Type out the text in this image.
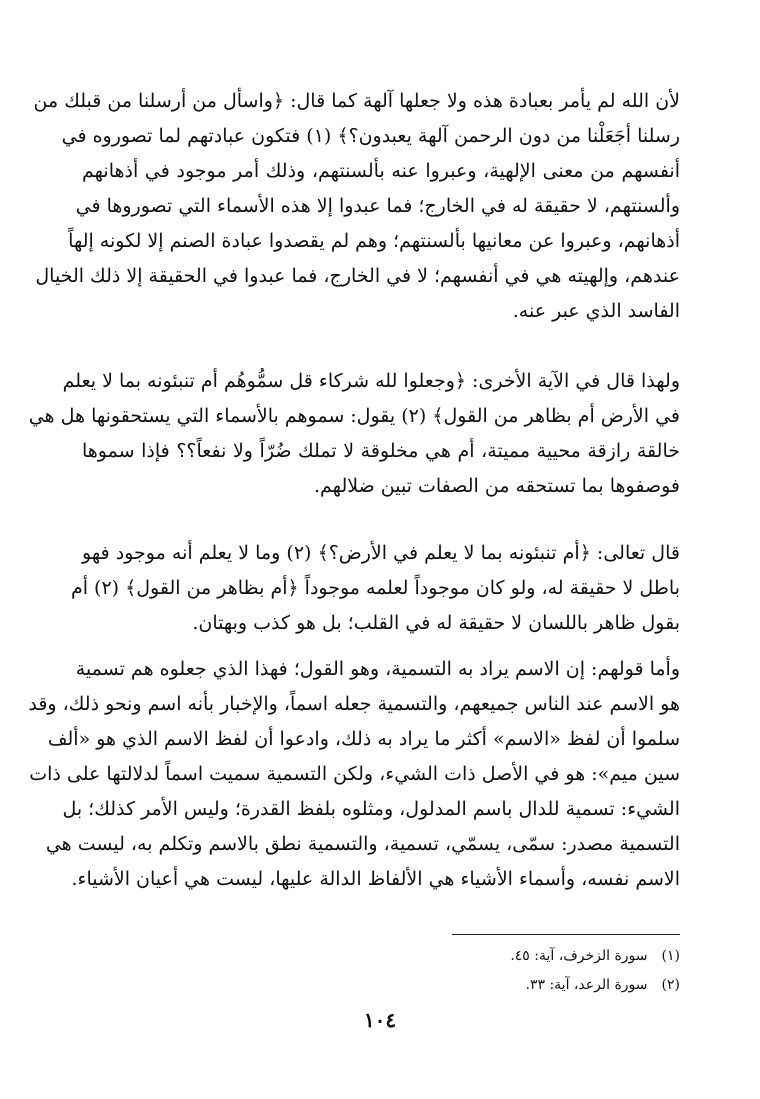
لأن الله لم يأمر بعبادة هذه ولا جعلها آلهة كما قال: ﴿واسأل من أرسلنا من قبلك من
رسلنا أجَعَلْنا من دون الرحمن آلهة يعبدون؟﴾ (١) فتكون عبادتهم لما تصوروه في
أنفسهم من معنى الإلهية، وعبروا عنه بألسنتهم، وذلك أمر موجود في أذهانهم
وألسنتهم، لا حقيقة له في الخارج؛ فما عبدوا إلا هذه الأسماء التي تصوروها في
أذهانهم، وعبروا عن معانيها بألسنتهم؛ وهم لم يقصدوا عبادة الصنم إلا لكونه إلهاً
عندهم، وإلهيته هي في أنفسهم؛ لا في الخارج، فما عبدوا في الحقيقة إلا ذلك الخيال
الفاسد الذي عبر عنه.
ولهذا قال في الآية الأخرى: ﴿وجعلوا لله شركاء قل سمُّوهُم أم تنبئونه بما لا يعلم
في الأرض أم بظاهر من القول﴾ (٢) يقول: سموهم بالأسماء التي يستحقونها هل هي
خالقة رازقة محيية مميتة، أم هي مخلوقة لا تملك ضُرّاً ولا نفعاً؟؟ فإذا سموها
فوصفوها بما تستحقه من الصفات تبين ضلالهم.
قال تعالى: ﴿أم تنبئونه بما لا يعلم في الأرض؟﴾ (٢) وما لا يعلم أنه موجود فهو
باطل لا حقيقة له، ولو كان موجوداً لعلمه موجوداً ﴿أم بظاهر من القول﴾ (٢) أم
بقول ظاهر باللسان لا حقيقة له في القلب؛ بل هو كذب وبهتان.
وأما قولهم: إن الاسم يراد به التسمية، وهو القول؛ فهذا الذي جعلوه هم تسمية
هو الاسم عند الناس جميعهم، والتسمية جعله اسماً، والإخبار بأنه اسم ونحو ذلك، وقد
سلموا أن لفظ «الاسم» أكثر ما يراد به ذلك، وادعوا أن لفظ الاسم الذي هو «ألف
سين ميم»: هو في الأصل ذات الشيء، ولكن التسمية سميت اسماً لدلالتها على ذات
الشيء: تسمية للدال باسم المدلول، ومثلوه بلفظ القدرة؛ وليس الأمر كذلك؛ بل
التسمية مصدر: سمّى، يسمّي، تسمية، والتسمية نطق بالاسم وتكلم به، ليست هي
الاسم نفسه، وأسماء الأشياء هي الألفاظ الدالة عليها، ليست هي أعيان الأشياء.
(١)سورة الزخرف، آية: ٤٥.
(٢)سورة الرعد، آية: ٣٣.
١٠٤
